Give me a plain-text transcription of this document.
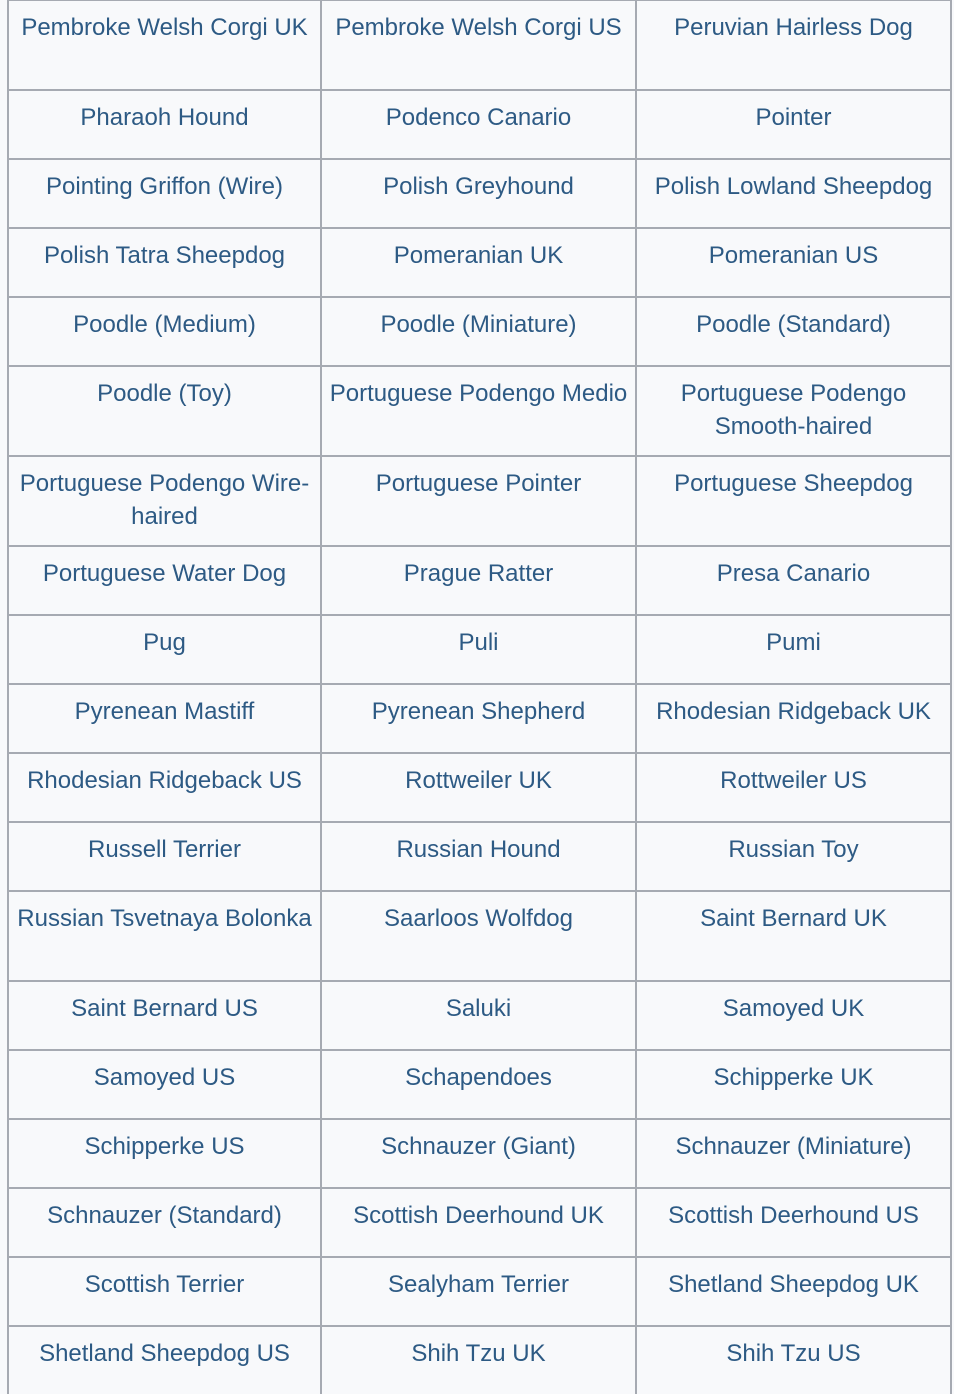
Pembroke Welsh Corgi UK	Pembroke Welsh Corgi US	Peruvian Hairless Dog
Pharaoh Hound	Podenco Canario	Pointer
Pointing Griffon (Wire)	Polish Greyhound	Polish Lowland Sheepdog
Polish Tatra Sheepdog	Pomeranian UK	Pomeranian US
Poodle (Medium)	Poodle (Miniature)	Poodle (Standard)
Poodle (Toy)	Portuguese Podengo Medio	Portuguese Podengo Smooth-haired
Portuguese Podengo Wire-haired	Portuguese Pointer	Portuguese Sheepdog
Portuguese Water Dog	Prague Ratter	Presa Canario
Pug	Puli	Pumi
Pyrenean Mastiff	Pyrenean Shepherd	Rhodesian Ridgeback UK
Rhodesian Ridgeback US	Rottweiler UK	Rottweiler US
Russell Terrier	Russian Hound	Russian Toy
Russian Tsvetnaya Bolonka	Saarloos Wolfdog	Saint Bernard UK
Saint Bernard US	Saluki	Samoyed UK
Samoyed US	Schapendoes	Schipperke UK
Schipperke US	Schnauzer (Giant)	Schnauzer (Miniature)
Schnauzer (Standard)	Scottish Deerhound UK	Scottish Deerhound US
Scottish Terrier	Sealyham Terrier	Shetland Sheepdog UK
Shetland Sheepdog US	Shih Tzu UK	Shih Tzu US
